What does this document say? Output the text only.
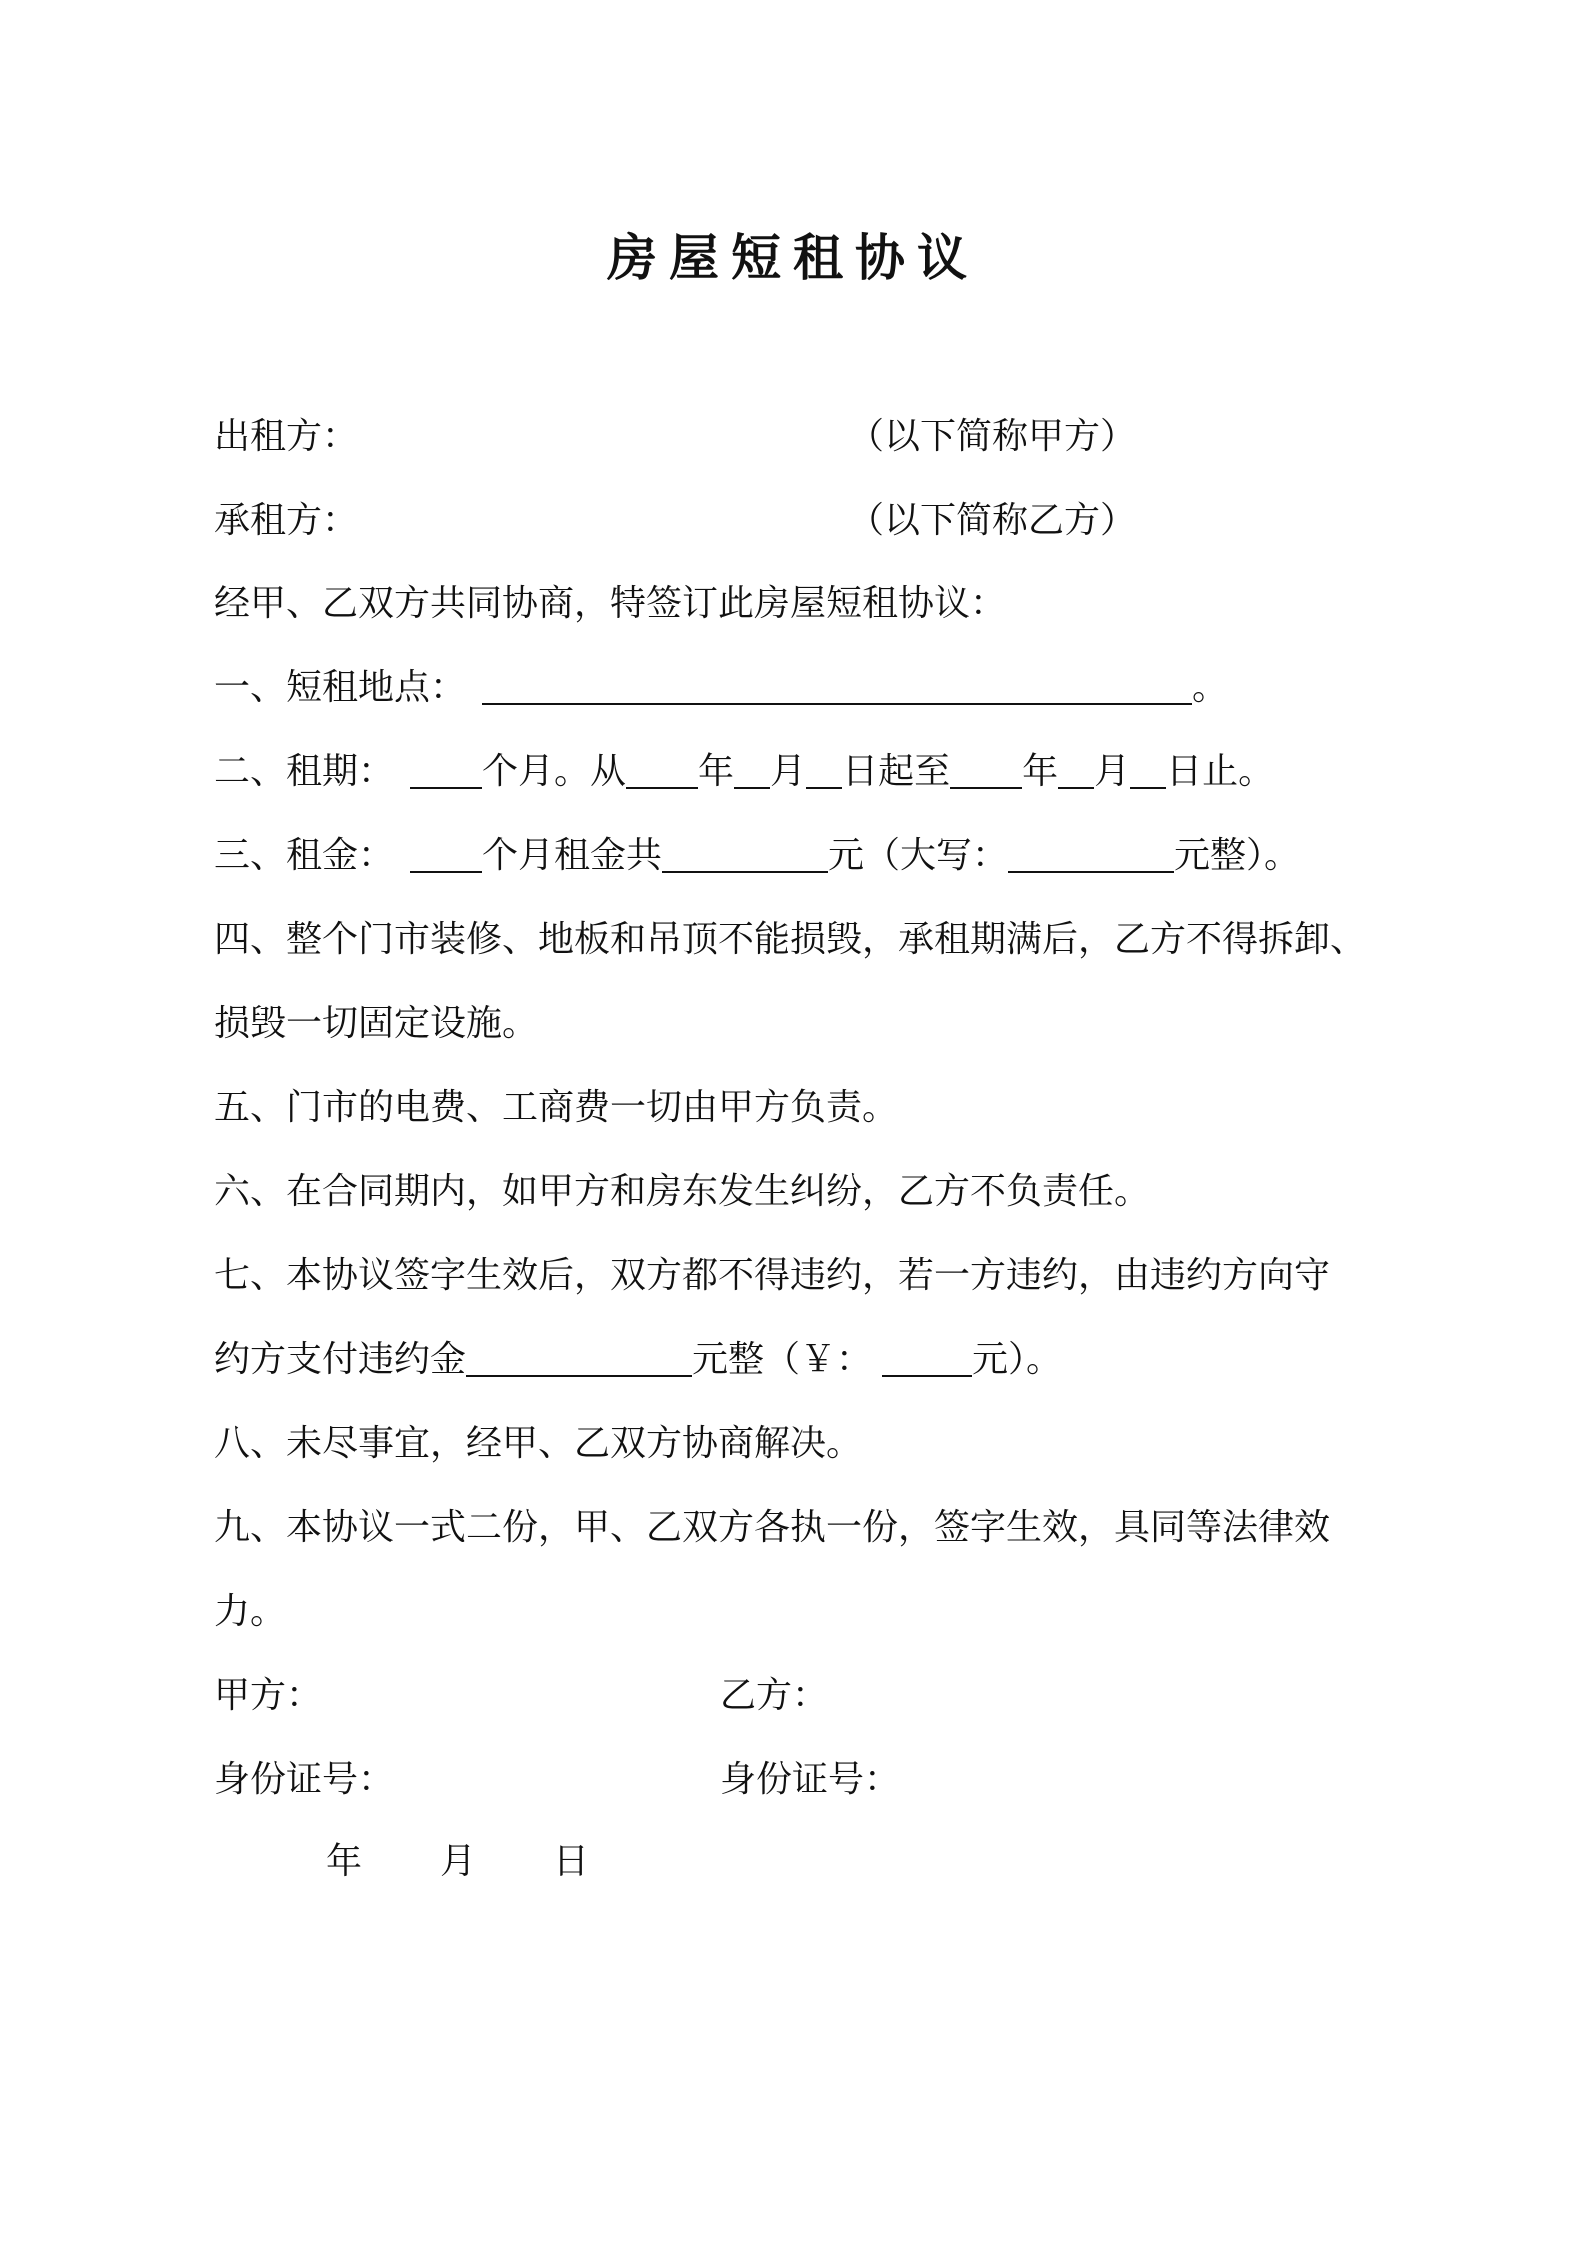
房屋短租协议
出租方：	（以下简称甲方）
承租方：	（以下简称乙方）
经甲、乙双方共同协商，特签订此房屋短租协议：
一、短租地点：	。
二、租期： 个月。从 年 月 日起至 年 月 日止。
三、租金： 个月租金共	元（大写：	元整）。
四、整个门市装修、地板和吊顶不能损毁，承租期满后，乙方不得拆卸、
损毁一切固定设施。
五、门市的电费、工商费一切由甲方负责。
六、在合同期内，如甲方和房东发生纠纷，乙方不负责任。
七、本协议签字生效后，双方都不得违约，若一方违约，由违约方向守
约方支付违约金	元整（￥：	元）。
八、未尽事宜，经甲、乙双方协商解决。
九、本协议一式二份，甲、乙双方各执一份，签字生效，具同等法律效
力。
甲方：	乙方：
身份证号：	身份证号：
年 月 日
